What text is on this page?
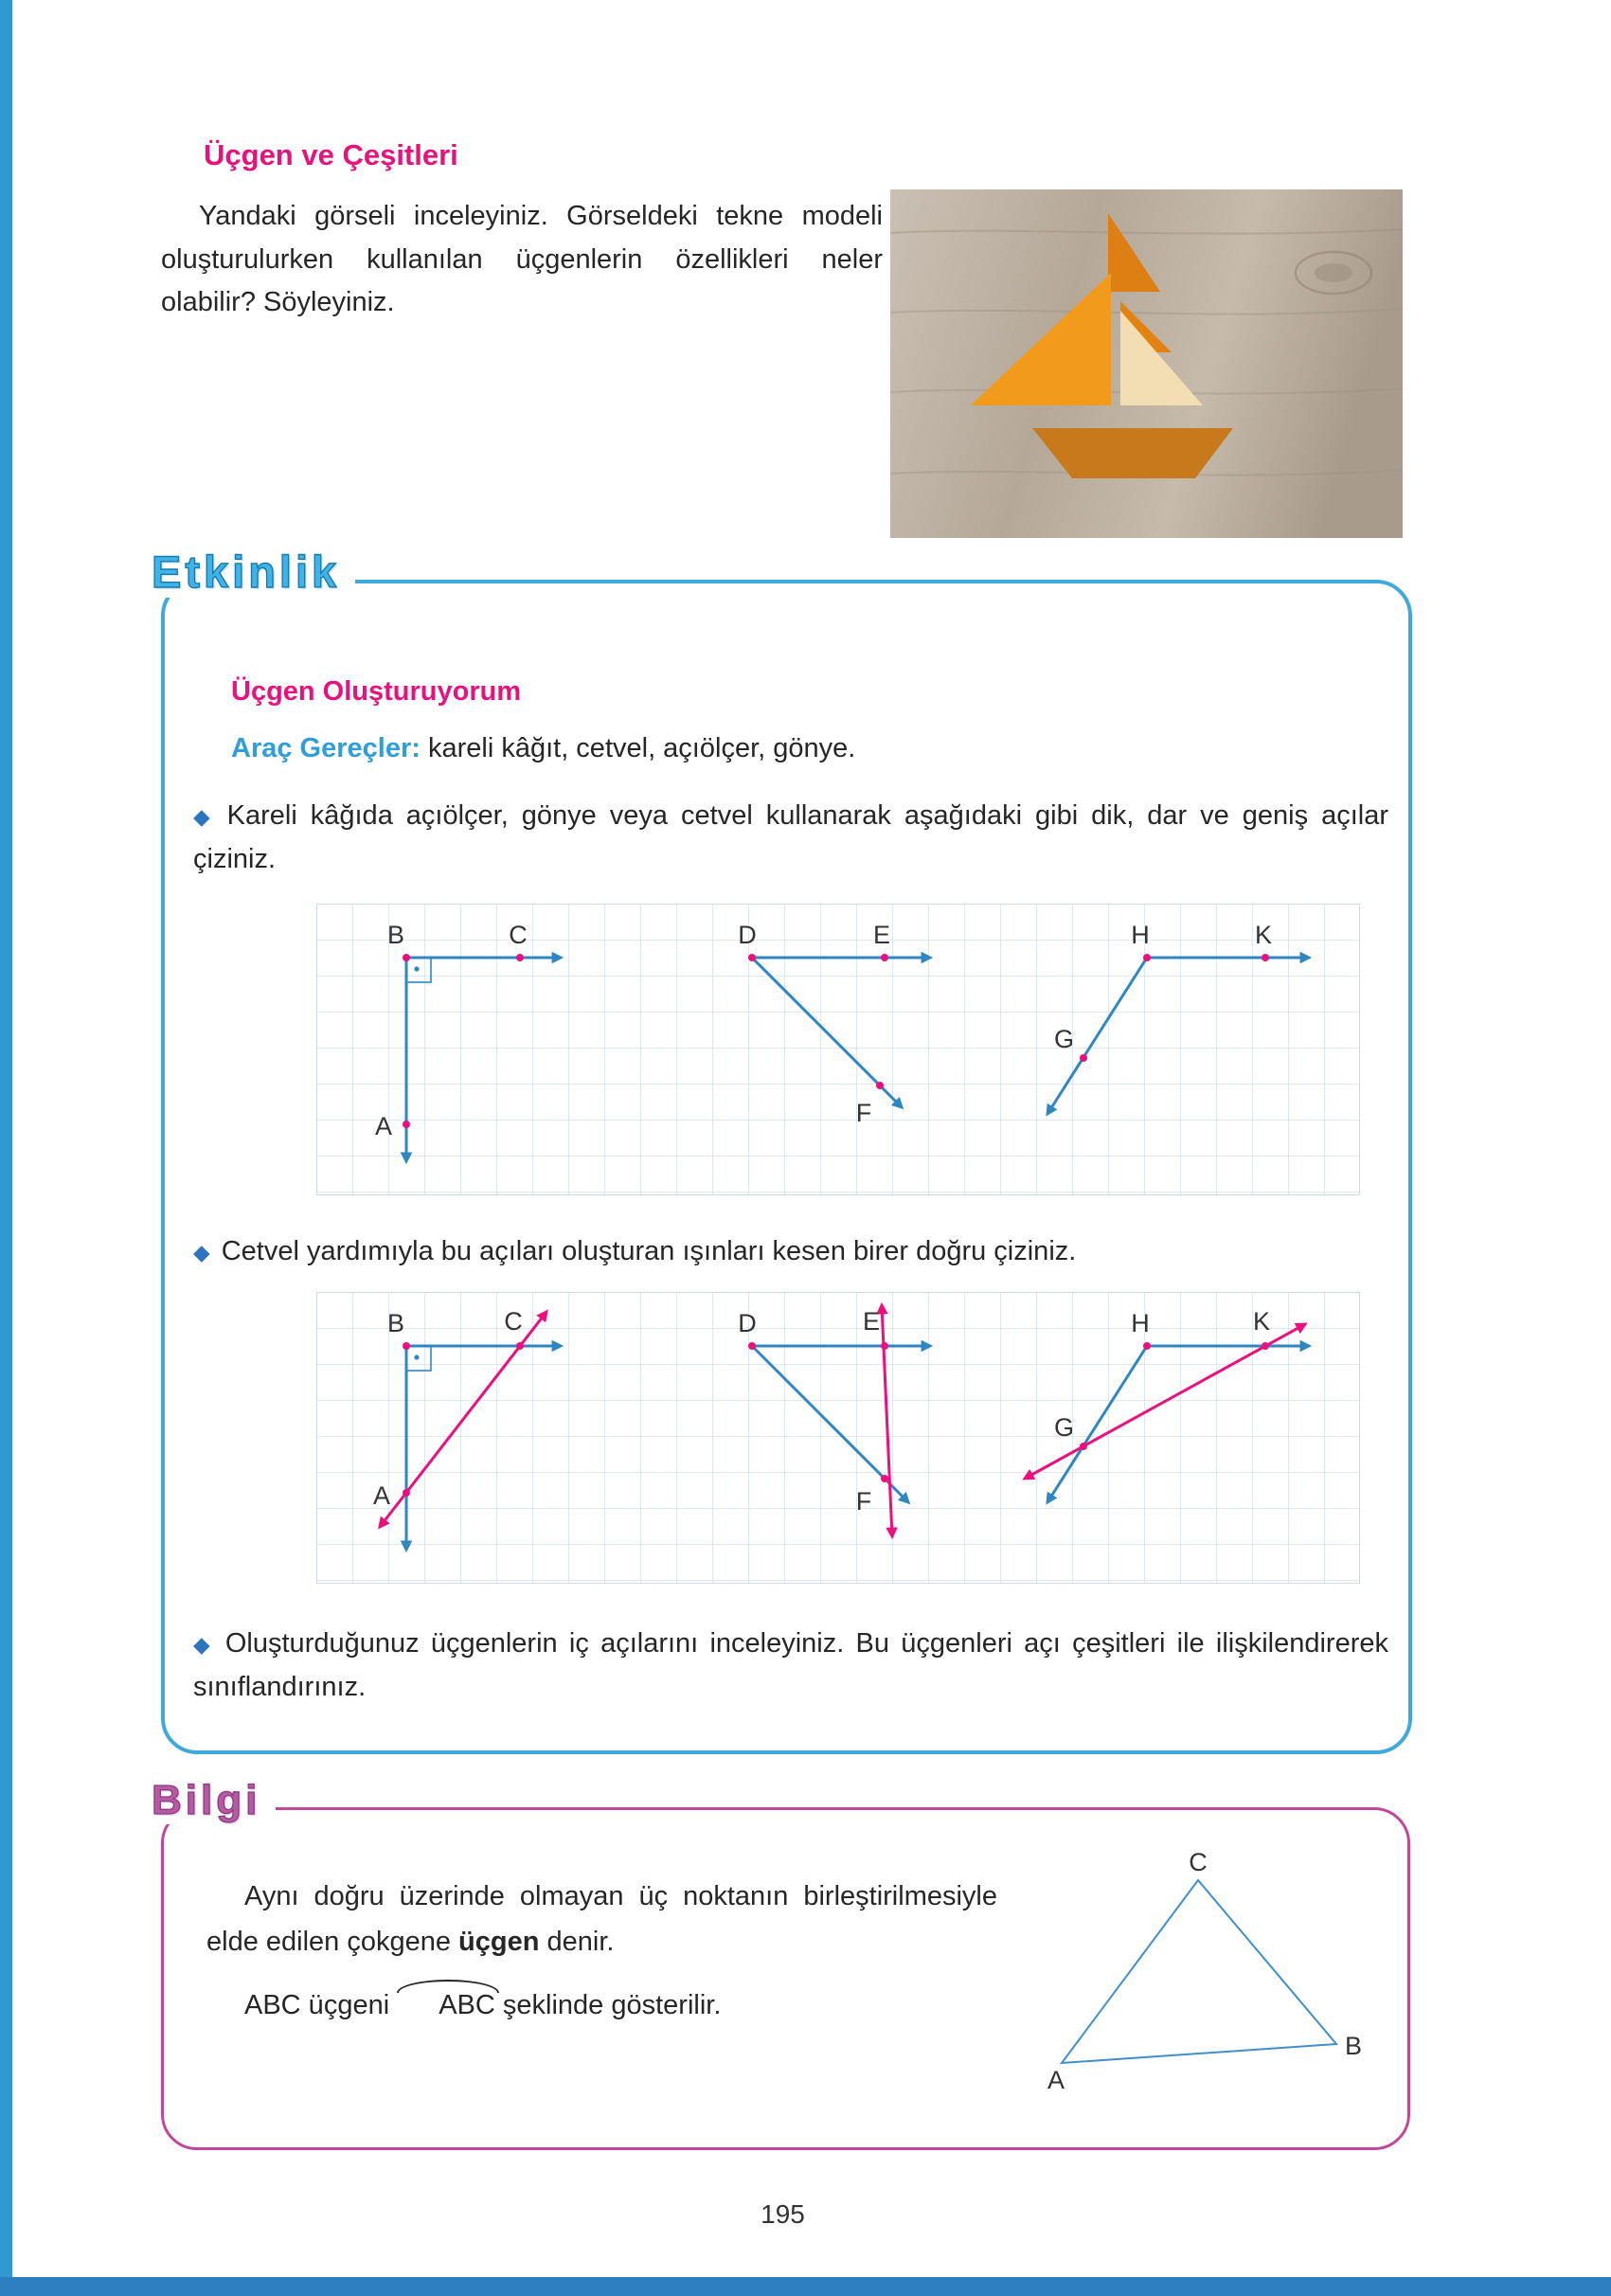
Üçgen ve Çeşitleri

Yandaki görseli inceleyiniz. Görseldeki tekne modeli oluşturulurken kullanılan üçgenlerin özellikleri neler olabilir? Söyleyiniz.

Etkinlik
Üçgen Oluşturuyorum

Araç Gereçler: kareli kâğıt, cetvel, açıölçer, gönye.

◆ Kareli kâğıda açıölçer, gönye veya cetvel kullanarak aşağıdaki gibi dik, dar ve geniş açılar çiziniz.

B	C
A
D	E
F
H	K
G

◆ Cetvel yardımıyla bu açıları oluşturan ışınları kesen birer doğru çiziniz.

B	C
A
D	E
F
H	K
G

◆ Oluşturduğunuz üçgenlerin iç açılarını inceleyiniz. Bu üçgenleri açı çeşitleri ile ilişkilendirerek sınıflandırınız.

Bilgi

Aynı doğru üzerinde olmayan üç noktanın birleştirilmesiyle elde edilen çokgene üçgen denir.

ABC üçgeni ABC şeklinde gösterilir.

C
A
B
195
